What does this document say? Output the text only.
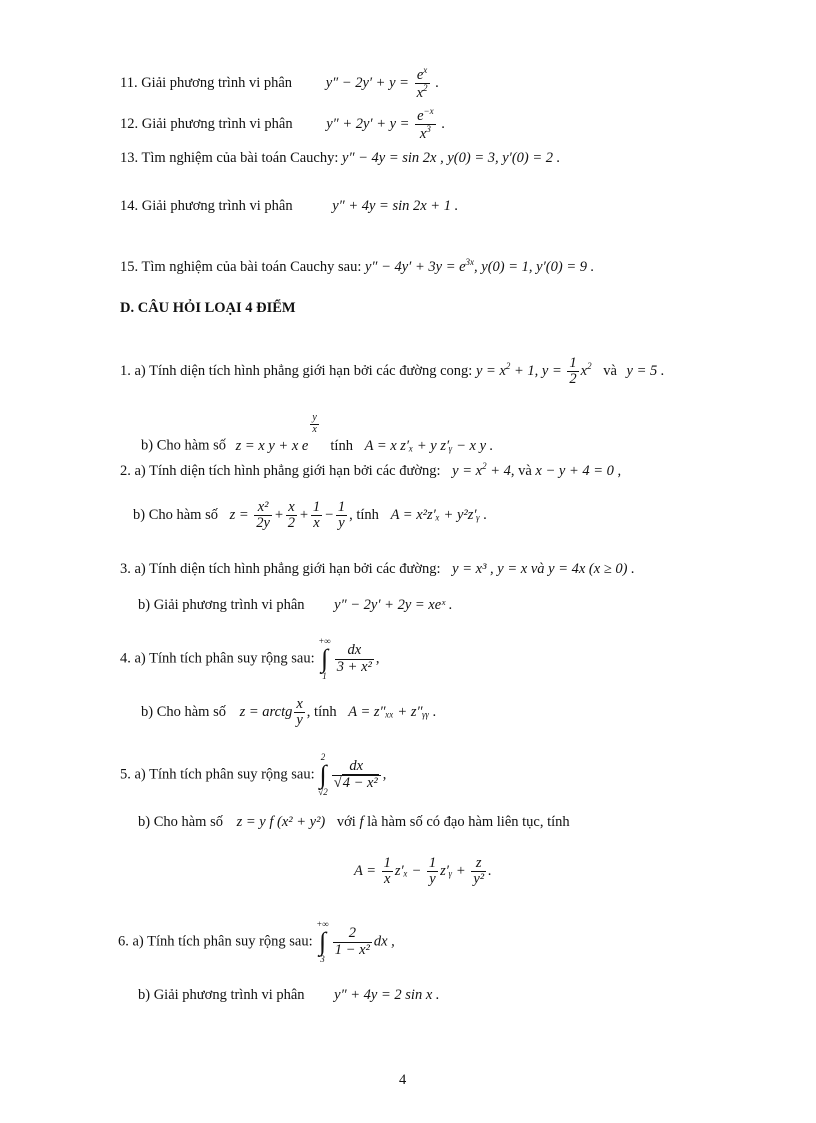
11. Giải phương trình vi phân $y'' - 2y' + y = \frac{e^x}{x^2}$ .
12. Giải phương trình vi phân $y'' + 2y' + y = \frac{e^{-x}}{x^3}$ .
13. Tìm nghiệm của bài toán Cauchy: y″ − 4y = sin 2x , y(0) = 3, y′(0) = 2 .
14. Giải phương trình vi phân	y″ + 4y = sin 2x + 1 .
15. Tìm nghiệm của bài toán Cauchy sau: $y'' - 4y' + 3y = e^{3x}$, y(0) = 1, y′(0) = 9 .
D. CÂU HỎI LOẠI 4 ĐIỂM
1. a) Tính diện tích hình phẳng giới hạn bởi các đường cong: $y = x^2 + 1$, $y = \frac{1}{2} x^2$ và y = 5 .
b) Cho hàm số z = x y + x e
$\frac{y}{x}$
tính A = x z′ₓ + y z′ᵧ − x y .
2. a) Tính diện tích hình phẳng giới hạn bởi các đường: $y = x^2 + 4$, và x − y + 4 = 0 ,
b) Cho hàm số $z = \frac{\text{x²}}{2y} + \frac{x}{2} + \frac{1}{x} - \frac{1}{y}$ , tính A = x²z′ₓ + y²z′ᵧ .
3. a) Tính diện tích hình phẳng giới hạn bởi các đường: y = x³ , y = x và y = 4x (x ≥ 0) .
b) Giải phương trình vi phân y″ − 2y′ + 2y = xeˣ .
4. a) Tính tích phân suy rộng sau: +∞
∫
1
$\frac{dx}{\text{3 + x²}}$ ,
b) Cho hàm số z = arctg $\frac{x}{y}$ , tính A = z″ₓₓ + z″ᵧᵧ .
5. a) Tính tích phân suy rộng sau: 2
∫
√2
$\frac{dx}{\text{√4 − x²}}$ ,
b) Cho hàm số z = y f (x² + y²) với f là hàm số có đạo hàm liên tục, tính
$A = \frac{1}{x} z'_x - \frac{1}{y}$ z′ᵧ + $\frac{z}{\text{y²}}$ .
6. a) Tính tích phân suy rộng sau: +∞
∫
3
$\frac{2}{\text{1 − x²}}$ dx ,
b) Giải phương trình vi phân y″ + 4y = 2 sin x .
4
